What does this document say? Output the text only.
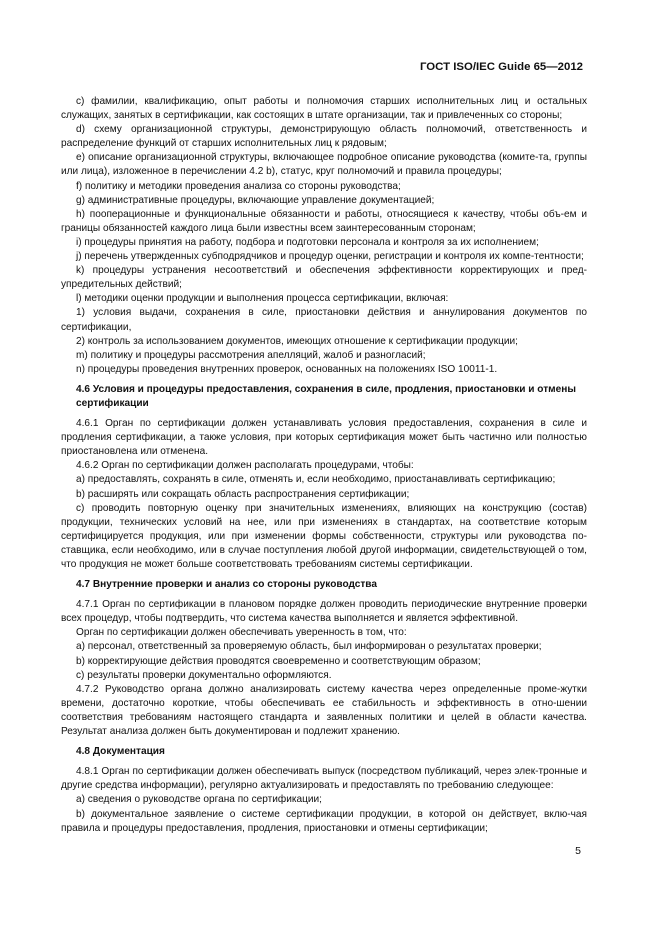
ГОСТ ISO/IEC Guide 65—2012

c) фамилии, квалификацию, опыт работы и полномочия старших исполнительных лиц и остальных служащих, занятых в сертификации, как состоящих в штате организации, так и привлеченных со стороны;

d) схему организационной структуры, демонстрирующую область полномочий, ответственность и распределение функций от старших исполнительных лиц к рядовым;

e) описание организационной структуры, включающее подробное описание руководства (комите-та, группы или лица), изложенное в перечислении 4.2 b), статус, круг полномочий и правила процедуры;

f) политику и методики проведения анализа со стороны руководства;

g) административные процедуры, включающие управление документацией;

h) пооперационные и функциональные обязанности и работы, относящиеся к качеству, чтобы объ-ем и границы обязанностей каждого лица были известны всем заинтересованным сторонам;

i) процедуры принятия на работу, подбора и подготовки персонала и контроля за их исполнением;

j) перечень утвержденных субподрядчиков и процедур оценки, регистрации и контроля их компе-тентности;

k) процедуры устранения несоответствий и обеспечения эффективности корректирующих и пред-упредительных действий;

l) методики оценки продукции и выполнения процесса сертификации, включая:

1) условия выдачи, сохранения в силе, приостановки действия и аннулирования документов по сертификации,

2) контроль за использованием документов, имеющих отношение к сертификации продукции;

m) политику и процедуры рассмотрения апелляций, жалоб и разногласий;

n) процедуры проведения внутренних проверок, основанных на положениях ISO 10011-1.

4.6 Условия и процедуры предоставления, сохранения в силе, продления, приостановки и отмены сертификации

4.6.1 Орган по сертификации должен устанавливать условия предоставления, сохранения в силе и продления сертификации, а также условия, при которых сертификация может быть частично или полностью приостановлена или отменена.

4.6.2 Орган по сертификации должен располагать процедурами, чтобы:

a) предоставлять, сохранять в силе, отменять и, если необходимо, приостанавливать сертификацию;

b) расширять или сокращать область распространения сертификации;

c) проводить повторную оценку при значительных изменениях, влияющих на конструкцию (состав) продукции, технических условий на нее, или при изменениях в стандартах, на соответствие которым сертифицируется продукция, или при изменении формы собственности, структуры или руководства по-ставщика, если необходимо, или в случае поступления любой другой информации, свидетельствующей о том, что продукция не может больше соответствовать требованиям системы сертификации.

4.7 Внутренние проверки и анализ со стороны руководства

4.7.1 Орган по сертификации в плановом порядке должен проводить периодические внутренние проверки всех процедур, чтобы подтвердить, что система качества выполняется и является эффективной.

Орган по сертификации должен обеспечивать уверенность в том, что:

a) персонал, ответственный за проверяемую область, был информирован о результатах проверки;

b) корректирующие действия проводятся своевременно и соответствующим образом;

c) результаты проверки документально оформляются.

4.7.2 Руководство органа должно анализировать систему качества через определенные проме-жутки времени, достаточно короткие, чтобы обеспечивать ее стабильность и эффективность в отно-шении соответствия требованиям настоящего стандарта и заявленных политики и целей в области качества. Результат анализа должен быть документирован и подлежит хранению.

4.8 Документация

4.8.1 Орган по сертификации должен обеспечивать выпуск (посредством публикаций, через элек-тронные и другие средства информации), регулярно актуализировать и предоставлять по требованию следующее:

a) сведения о руководстве органа по сертификации;

b) документальное заявление о системе сертификации продукции, в которой он действует, вклю-чая правила и процедуры предоставления, продления, приостановки и отмены сертификации;

5
